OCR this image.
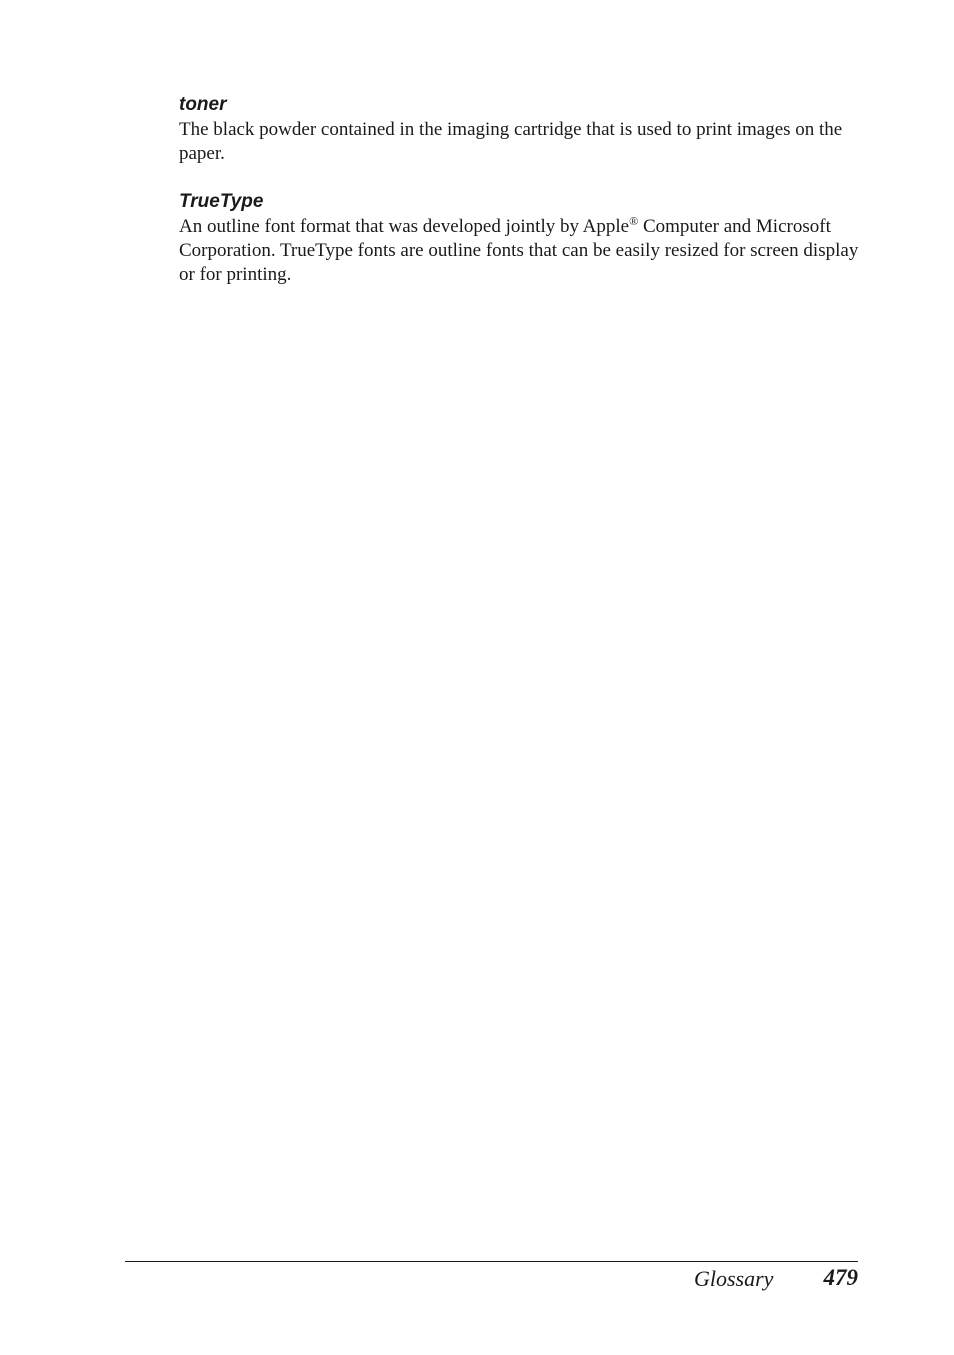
toner

The black powder contained in the imaging cartridge that is used to print images on the paper.

TrueType

An outline font format that was developed jointly by Apple® Computer and Microsoft Corporation. TrueType fonts are outline fonts that can be easily resized for screen display or for printing.

Glossary 479
